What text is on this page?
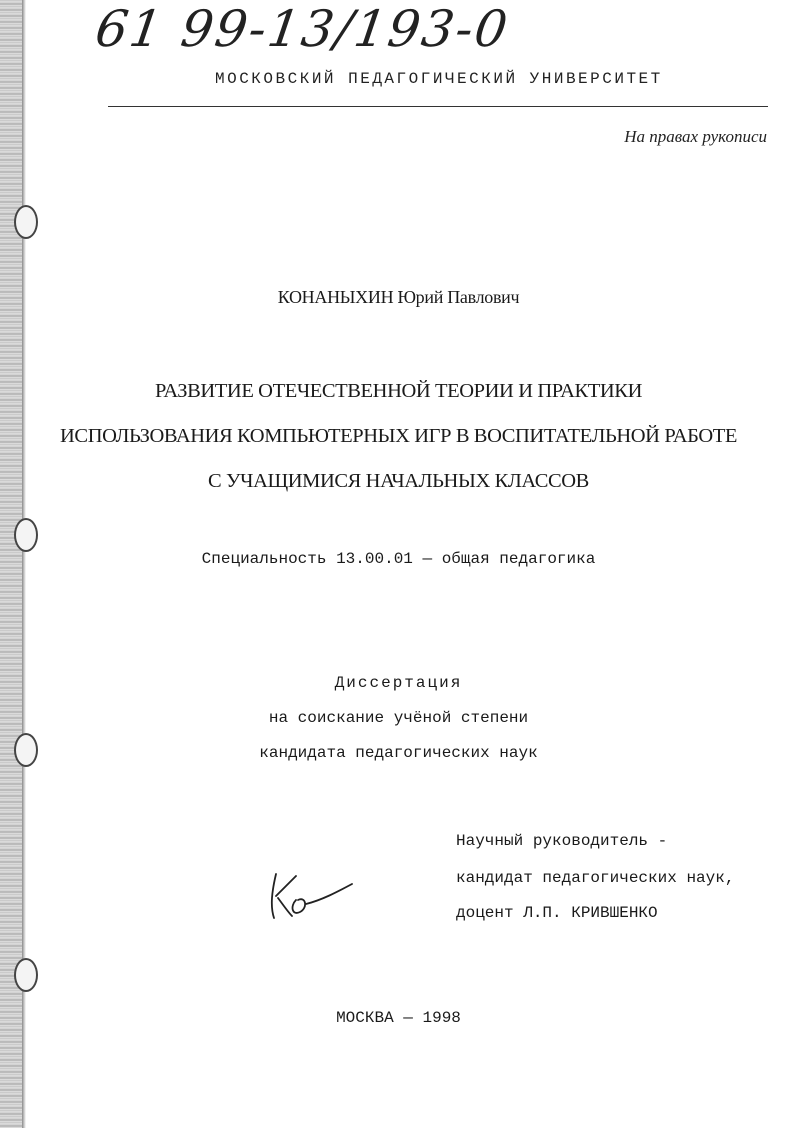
61 99-13/193-0
МОСКОВСКИЙ ПЕДАГОГИЧЕСКИЙ УНИВЕРСИТЕТ
На правах рукописи
КОНАНЫХИН Юрий Павлович
РАЗВИТИЕ ОТЕЧЕСТВЕННОЙ ТЕОРИИ И ПРАКТИКИ
ИСПОЛЬЗОВАНИЯ КОМПЬЮТЕРНЫХ ИГР В ВОСПИТАТЕЛЬНОЙ РАБОТЕ
С УЧАЩИМИСЯ НАЧАЛЬНЫХ КЛАССОВ
Специальность 13.00.01 — общая педагогика
Диссертация
на соискание учёной степени
кандидата педагогических наук
Научный руководитель -
кандидат педагогических наук,
доцент Л.П. КРИВШЕНКО
МОСКВА — 1998
